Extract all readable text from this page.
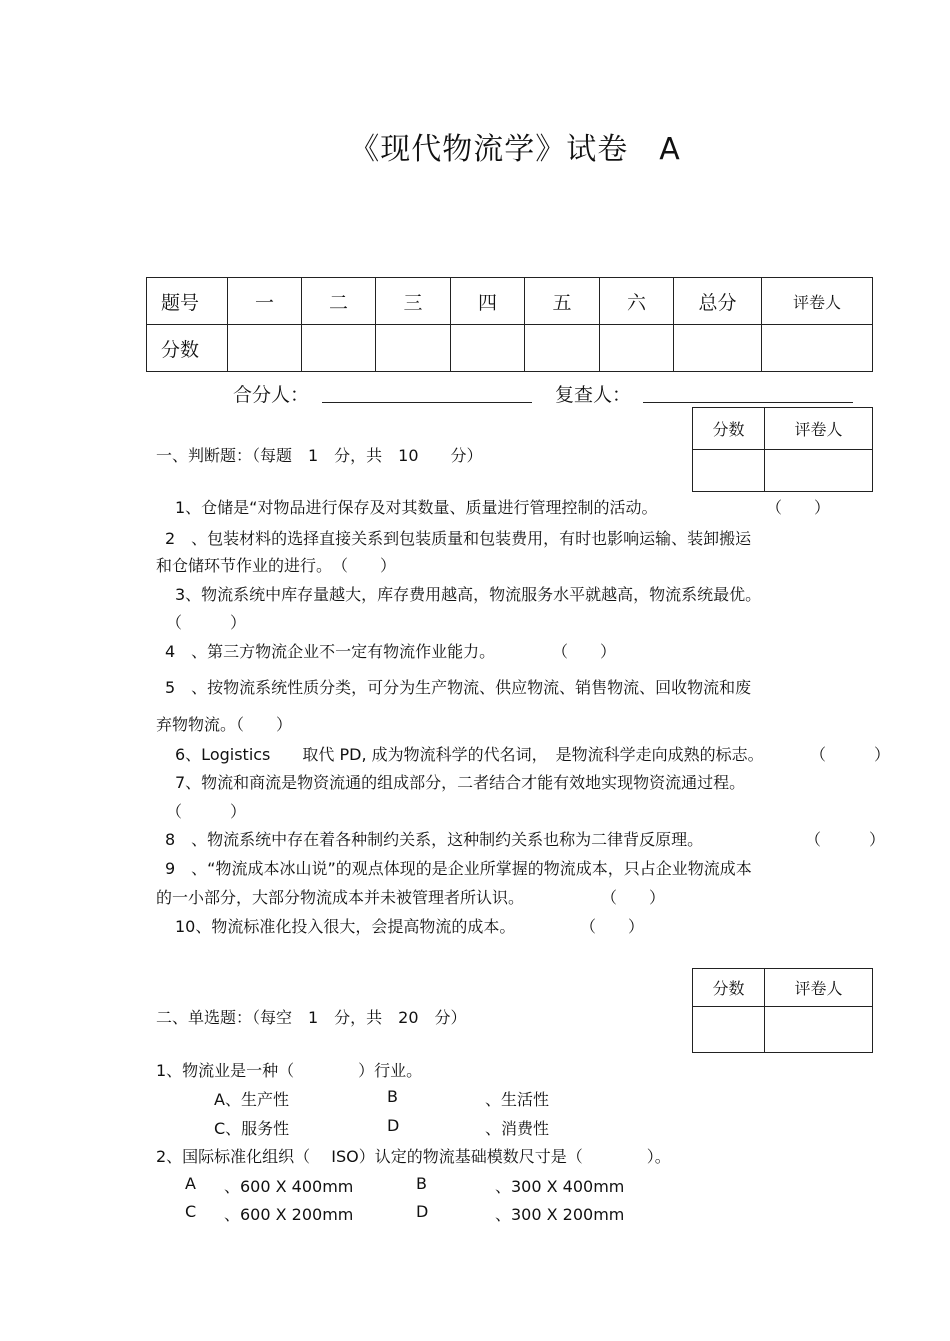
《现代物流学》试卷　A
题号	一	二	三	四	五	六	总分	评卷人
分数								
合分人：	复查人：
分数	评卷人

一、判断题：（每题　1　分，共　10　　分）
1、仓储是“对物品进行保存及对其数量、质量进行管理控制的活动。	（　　）
2　、包装材料的选择直接关系到包装质量和包装费用，有时也影响运输、装卸搬运
和仓储环节作业的进行。　（　　）
3、物流系统中库存量越大，库存费用越高，物流服务水平就越高，物流系统最优。
（　　　）
4　、第三方物流企业不一定有物流作业能力。	（　　）
5　、按物流系统性质分类，可分为生产物流、供应物流、销售物流、回收物流和废
弃物物流。（　　）
6、Logistics　　取代 PD, 成为物流科学的代名词，　是物流科学走向成熟的标志。	（　　　）
7、物流和商流是物资流通的组成部分，二者结合才能有效地实现物资流通过程。
（　　　）
8　、物流系统中存在着各种制约关系，这种制约关系也称为二律背反原理。	（　　　）
9　、“物流成本冰山说”的观点体现的是企业所掌握的物流成本，只占企业物流成本
的一小部分，大部分物流成本并未被管理者所认识。	（　　）
10、物流标准化投入很大，会提高物流的成本。	（　　）
分数	评卷人

二、单选题：（每空　1　分，共　20　分）
1、物流业是一种（　　　　）行业。
A、生产性	B	、生活性
C、服务性	D	、消费性
2、国际标准化组织（　 ISO）认定的物流基础模数尺寸是（　　　　）。
A 、600 X 400mm	B	、300 X 400mm
C 、600 X 200mm	D	、300 X 200mm
